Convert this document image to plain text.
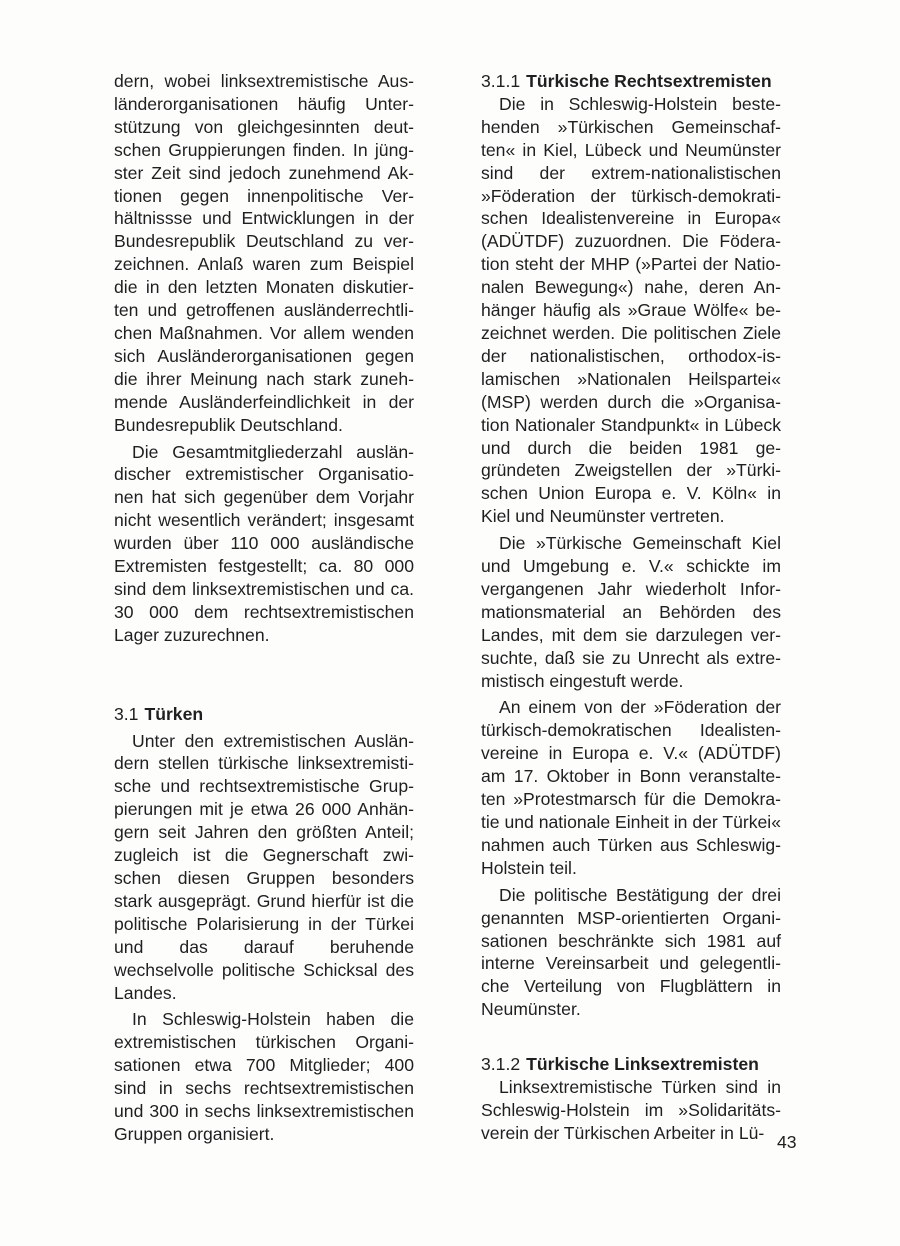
dern, wobei linksextremistische Ausländerorganisationen häufig Unterstützung von gleichgesinnten deutschen Gruppierungen finden. In jüngster Zeit sind jedoch zunehmend Aktionen gegen innenpolitische Verhältnissse und Entwicklungen in der Bundesrepublik Deutschland zu verzeichnen. Anlaß waren zum Beispiel die in den letzten Monaten diskutierten und getroffenen ausländerrechtlichen Maßnahmen. Vor allem wenden sich Ausländerorganisationen gegen die ihrer Meinung nach stark zunehmende Ausländerfeindlichkeit in der Bundesrepublik Deutschland.

Die Gesamtmitgliederzahl ausländischer extremistischer Organisationen hat sich gegenüber dem Vorjahr nicht wesentlich verändert; insgesamt wurden über 110 000 ausländische Extremisten festgestellt; ca. 80 000 sind dem linksextremistischen und ca. 30 000 dem rechtsextremistischen Lager zuzurechnen.

3.1 Türken

Unter den extremistischen Ausländern stellen türkische linksextremistische und rechtsextremistische Gruppierungen mit je etwa 26 000 Anhängern seit Jahren den größten Anteil; zugleich ist die Gegnerschaft zwischen diesen Gruppen besonders stark ausgeprägt. Grund hierfür ist die politische Polarisierung in der Türkei und das darauf beruhende wechselvolle politische Schicksal des Landes.

In Schleswig-Holstein haben die extremistischen türkischen Organisationen etwa 700 Mitglieder; 400 sind in sechs rechtsextremistischen und 300 in sechs linksextremistischen Gruppen organisiert.

3.1.1 Türkische Rechtsextremisten

Die in Schleswig-Holstein bestehenden »Türkischen Gemeinschaften« in Kiel, Lübeck und Neumünster sind der extrem-nationalistischen »Föderation der türkisch-demokratischen Idealistenvereine in Europa« (ADÜTDF) zuzuordnen. Die Föderation steht der MHP (»Partei der Nationalen Bewegung«) nahe, deren Anhänger häufig als »Graue Wölfe« bezeichnet werden. Die politischen Ziele der nationalistischen, orthodox-islamischen »Nationalen Heilspartei« (MSP) werden durch die »Organisation Nationaler Standpunkt« in Lübeck und durch die beiden 1981 gegründeten Zweigstellen der »Türkischen Union Europa e. V. Köln« in Kiel und Neumünster vertreten.

Die »Türkische Gemeinschaft Kiel und Umgebung e. V.« schickte im vergangenen Jahr wiederholt Informationsmaterial an Behörden des Landes, mit dem sie darzulegen versuchte, daß sie zu Unrecht als extremistisch eingestuft werde.

An einem von der »Föderation der türkisch-demokratischen Idealistenvereine in Europa e. V.« (ADÜTDF) am 17. Oktober in Bonn veranstalteten »Protestmarsch für die Demokratie und nationale Einheit in der Türkei« nahmen auch Türken aus Schleswig-Holstein teil.

Die politische Bestätigung der drei genannten MSP-orientierten Organisationen beschränkte sich 1981 auf interne Vereinsarbeit und gelegentliche Verteilung von Flugblättern in Neumünster.

3.1.2 Türkische Linksextremisten

Linksextremistische Türken sind in Schleswig-Holstein im »Solidaritätsverein der Türkischen Arbeiter in Lü- 43
